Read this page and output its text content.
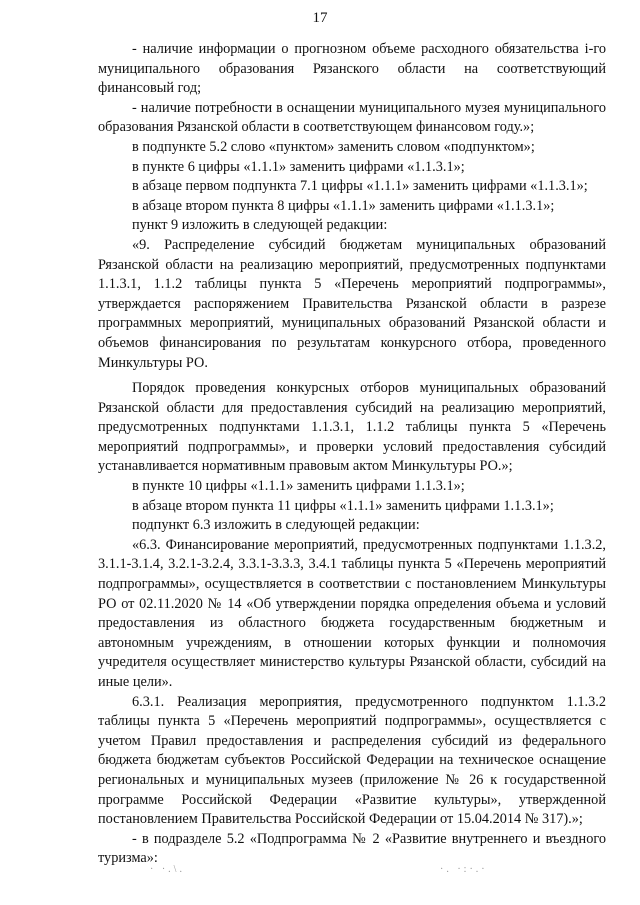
17

- наличие информации о прогнозном объеме расходного обязательства i-го муниципального образования Рязанского области на соответствующий финансовый год;

- наличие потребности в оснащении муниципального музея муниципального образования Рязанской области в соответствующем финансовом году.»;

в подпункте 5.2 слово «пунктом» заменить словом «подпунктом»;

в пункте 6 цифры «1.1.1» заменить цифрами «1.1.3.1»;

в абзаце первом подпункта 7.1 цифры «1.1.1» заменить цифрами «1.1.3.1»;

в абзаце втором пункта 8 цифры «1.1.1» заменить цифрами «1.1.3.1»;

пункт 9 изложить в следующей редакции:

«9. Распределение субсидий бюджетам муниципальных образований Рязанской области на реализацию мероприятий, предусмотренных подпунктами 1.1.3.1, 1.1.2 таблицы пункта 5 «Перечень мероприятий подпрограммы», утверждается распоряжением Правительства Рязанской области в разрезе программных мероприятий, муниципальных образований Рязанской области и объемов финансирования по результатам конкурсного отбора, проведенного Минкультуры РО.

Порядок проведения конкурсных отборов муниципальных образований Рязанской области для предоставления субсидий на реализацию мероприятий, предусмотренных подпунктами 1.1.3.1, 1.1.2 таблицы пункта 5 «Перечень мероприятий подпрограммы», и проверки условий предоставления субсидий устанавливается нормативным правовым актом Минкультуры РО.»;

в пункте 10 цифры «1.1.1» заменить цифрами 1.1.3.1»;

в абзаце втором пункта 11 цифры «1.1.1» заменить цифрами 1.1.3.1»;

подпункт 6.3 изложить в следующей редакции:

«6.3. Финансирование мероприятий, предусмотренных подпунктами 1.1.3.2, 3.1.1-3.1.4, 3.2.1-3.2.4, 3.3.1-3.3.3, 3.4.1 таблицы пункта 5 «Перечень мероприятий подпрограммы», осуществляется в соответствии с постановлением Минкультуры РО от 02.11.2020 № 14 «Об утверждении порядка определения объема и условий предоставления из областного бюджета государственным бюджетным и автономным учреждениям, в отношении которых функции и полномочия учредителя осуществляет министерство культуры Рязанской области, субсидий на иные цели».

6.3.1. Реализация мероприятия, предусмотренного подпунктом 1.1.3.2 таблицы пункта 5 «Перечень мероприятий подпрограммы», осуществляется с учетом Правил предоставления и распределения субсидий из федерального бюджета бюджетам субъектов Российской Федерации на техническое оснащение региональных и муниципальных музеев (приложение № 26 к государственной программе Российской Федерации «Развитие культуры», утвержденной постановлением Правительства Российской Федерации от 15.04.2014 № 317).»;

- в подразделе 5.2 «Подпрограмма № 2 «Развитие внутреннего и въездного туризма»:

· ·.\.	·. ·:·.·
